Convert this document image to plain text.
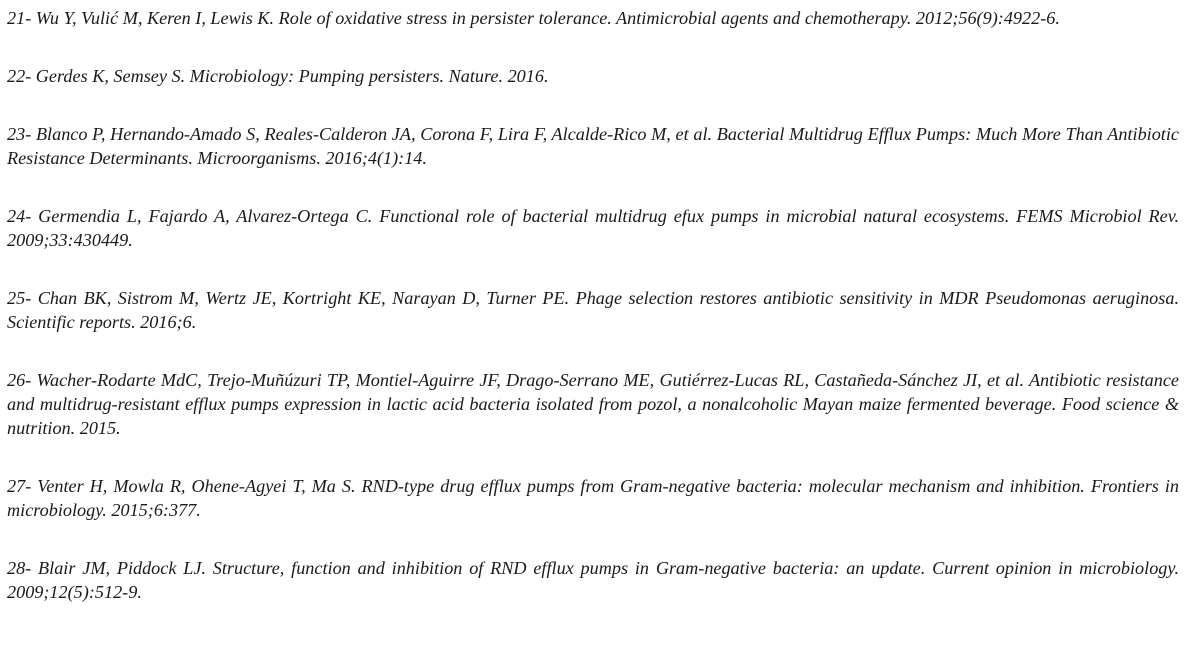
21- Wu Y, Vulić M, Keren I, Lewis K. Role of oxidative stress in persister tolerance. Antimicrobial agents and chemotherapy. 2012;56(9):4922-6.

22- Gerdes K, Semsey S. Microbiology: Pumping persisters. Nature. 2016.

23- Blanco P, Hernando-Amado S, Reales-Calderon JA, Corona F, Lira F, Alcalde-Rico M, et al. Bacterial Multidrug Efflux Pumps: Much More Than Antibiotic Resistance Determinants. Microorganisms. 2016;4(1):14.

24- Germendia L, Fajardo A, Alvarez-Ortega C. Functional role of bacterial multidrug efux pumps in microbial natural ecosystems. FEMS Microbiol Rev. 2009;33:430449.

25- Chan BK, Sistrom M, Wertz JE, Kortright KE, Narayan D, Turner PE. Phage selection restores antibiotic sensitivity in MDR Pseudomonas aeruginosa. Scientific reports. 2016;6.

26- Wacher-Rodarte MdC, Trejo-Muñúzuri TP, Montiel-Aguirre JF, Drago-Serrano ME, Gutiérrez-Lucas RL, Castañeda-Sánchez JI, et al. Antibiotic resistance and multidrug-resistant efflux pumps expression in lactic acid bacteria isolated from pozol, a nonalcoholic Mayan maize fermented beverage. Food science & nutrition. 2015.

27- Venter H, Mowla R, Ohene-Agyei T, Ma S. RND-type drug efflux pumps from Gram-negative bacteria: molecular mechanism and inhibition. Frontiers in microbiology. 2015;6:377.

28- Blair JM, Piddock LJ. Structure, function and inhibition of RND efflux pumps in Gram-negative bacteria: an update. Current opinion in microbiology. 2009;12(5):512-9.
